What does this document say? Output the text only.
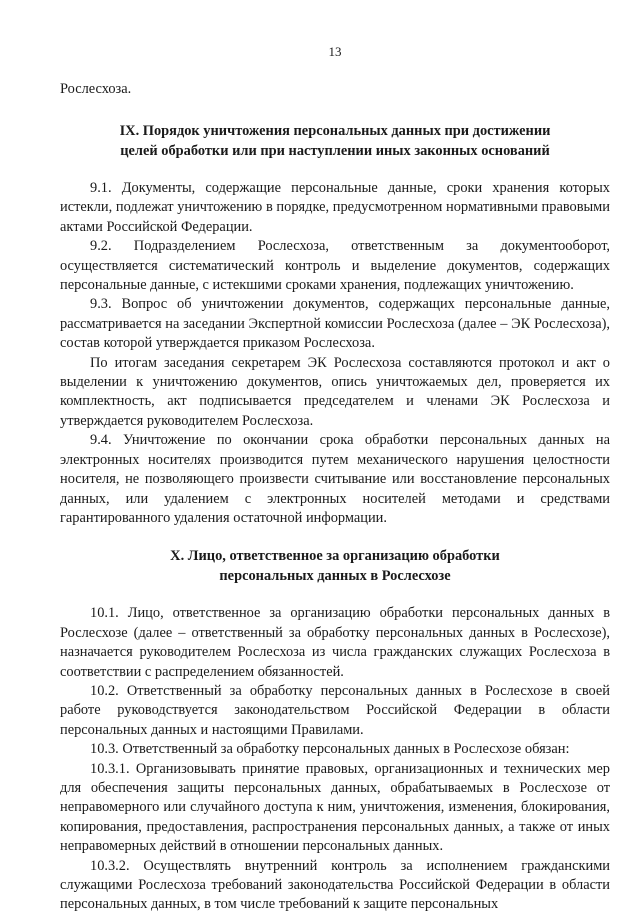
13

Рослесхоза.

IX. Порядок уничтожения персональных данных при достижении
целей обработки или при наступлении иных законных оснований

9.1. Документы, содержащие персональные данные, сроки хранения которых истекли, подлежат уничтожению в порядке, предусмотренном нормативными правовыми актами Российской Федерации.

9.2. Подразделением Рослесхоза, ответственным за документооборот, осуществляется систематический контроль и выделение документов, содержащих персональные данные, с истекшими сроками хранения, подлежащих уничтожению.

9.3. Вопрос об уничтожении документов, содержащих персональные данные, рассматривается на заседании Экспертной комиссии Рослесхоза (далее – ЭК Рослесхоза), состав которой утверждается приказом Рослесхоза.

По итогам заседания секретарем ЭК Рослесхоза составляются протокол и акт о выделении к уничтожению документов, опись уничтожаемых дел, проверяется их комплектность, акт подписывается председателем и членами ЭК Рослесхоза и утверждается руководителем Рослесхоза.

9.4. Уничтожение по окончании срока обработки персональных данных на электронных носителях производится путем механического нарушения целостности носителя, не позволяющего произвести считывание или восстановление персональных данных, или удалением с электронных носителей методами и средствами гарантированного удаления остаточной информации.

X. Лицо, ответственное за организацию обработки
персональных данных в Рослесхозе

10.1. Лицо, ответственное за организацию обработки персональных данных в Рослесхозе (далее – ответственный за обработку персональных данных в Рослесхозе), назначается руководителем Рослесхоза из числа гражданских служащих Рослесхоза в соответствии с распределением обязанностей.

10.2. Ответственный за обработку персональных данных в Рослесхозе в своей работе руководствуется законодательством Российской Федерации в области персональных данных и настоящими Правилами.

10.3. Ответственный за обработку персональных данных в Рослесхозе обязан:

10.3.1. Организовывать принятие правовых, организационных и технических мер для обеспечения защиты персональных данных, обрабатываемых в Рослесхозе от неправомерного или случайного доступа к ним, уничтожения, изменения, блокирования, копирования, предоставления, распространения персональных данных, а также от иных неправомерных действий в отношении персональных данных.

10.3.2. Осуществлять внутренний контроль за исполнением гражданскими служащими Рослесхоза требований законодательства Российской Федерации в области персональных данных, в том числе требований к защите персональных
